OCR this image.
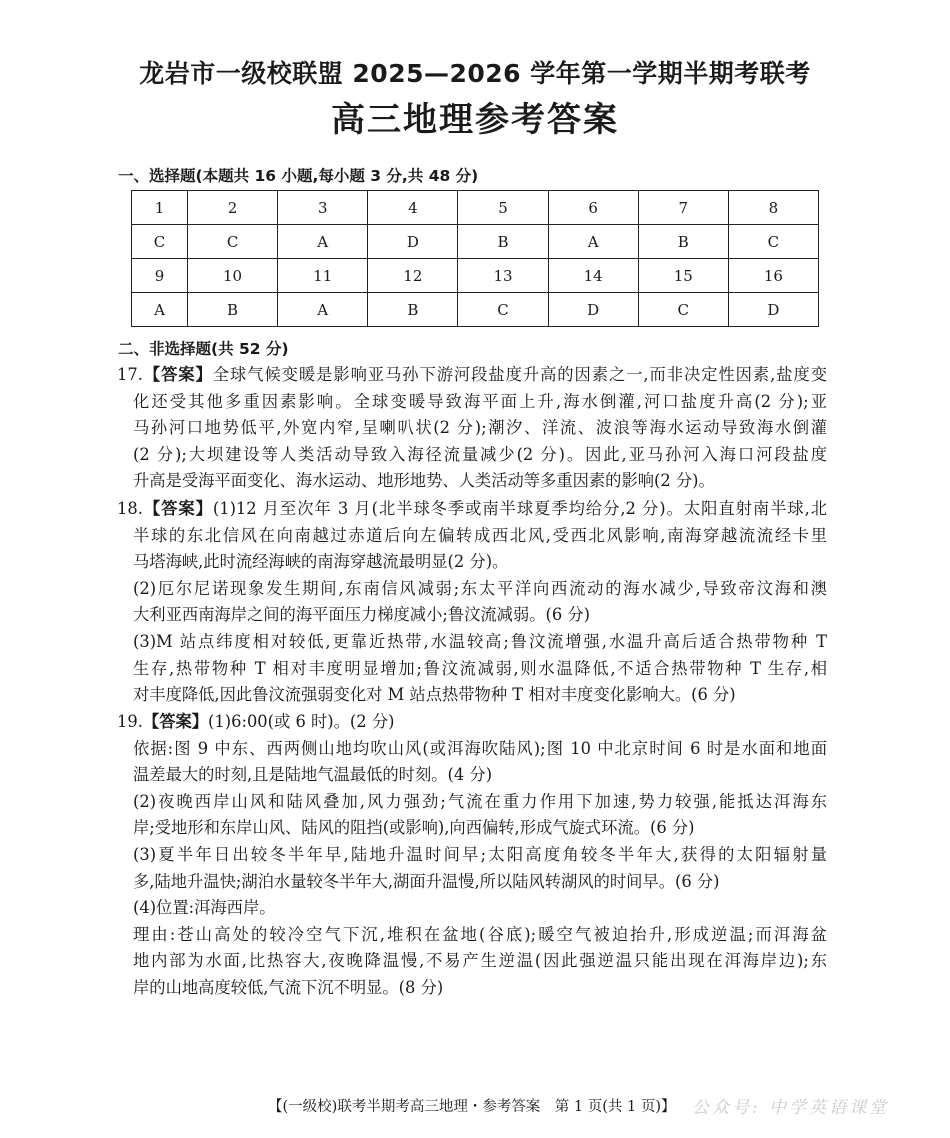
龙岩市一级校联盟 2025—2026 学年第一学期半期考联考
高三地理参考答案
一、选择题(本题共 16 小题,每小题 3 分,共 48 分)
1	2	3	4	5	6	7	8
C	C	A	D	B	A	B	C
9	10	11	12	13	14	15	16
A	B	A	B	C	D	C	D
二、非选择题(共 52 分)
17.【答案】全球气候变暖是影响亚马孙下游河段盐度升高的因素之一,而非决定性因素,盐度变
化还受其他多重因素影响。全球变暖导致海平面上升,海水倒灌,河口盐度升高(2 分);亚
马孙河口地势低平,外宽内窄,呈喇叭状(2 分);潮汐、洋流、波浪等海水运动导致海水倒灌
(2 分);大坝建设等人类活动导致入海径流量减少(2 分)。因此,亚马孙河入海口河段盐度
升高是受海平面变化、海水运动、地形地势、人类活动等多重因素的影响(2 分)。
18.【答案】(1)12 月至次年 3 月(北半球冬季或南半球夏季均给分,2 分)。太阳直射南半球,北
半球的东北信风在向南越过赤道后向左偏转成西北风,受西北风影响,南海穿越流流经卡里
马塔海峡,此时流经海峡的南海穿越流最明显(2 分)。
(2)厄尔尼诺现象发生期间,东南信风减弱;东太平洋向西流动的海水减少,导致帝汶海和澳
大利亚西南海岸之间的海平面压力梯度减小;鲁汶流减弱。(6 分)
(3)M 站点纬度相对较低,更靠近热带,水温较高;鲁汶流增强,水温升高后适合热带物种 T
生存,热带物种 T 相对丰度明显增加;鲁汶流减弱,则水温降低,不适合热带物种 T 生存,相
对丰度降低,因此鲁汶流强弱变化对 M 站点热带物种 T 相对丰度变化影响大。(6 分)
19.【答案】(1)6:00(或 6 时)。(2 分)
依据:图 9 中东、西两侧山地均吹山风(或洱海吹陆风);图 10 中北京时间 6 时是水面和地面
温差最大的时刻,且是陆地气温最低的时刻。(4 分)
(2)夜晚西岸山风和陆风叠加,风力强劲;气流在重力作用下加速,势力较强,能抵达洱海东
岸;受地形和东岸山风、陆风的阻挡(或影响),向西偏转,形成气旋式环流。(6 分)
(3)夏半年日出较冬半年早,陆地升温时间早;太阳高度角较冬半年大,获得的太阳辐射量
多,陆地升温快;湖泊水量较冬半年大,湖面升温慢,所以陆风转湖风的时间早。(6 分)
(4)位置:洱海西岸。
理由:苍山高处的较冷空气下沉,堆积在盆地(谷底);暖空气被迫抬升,形成逆温;而洱海盆
地内部为水面,比热容大,夜晚降温慢,不易产生逆温(因此强逆温只能出现在洱海岸边);东
岸的山地高度较低,气流下沉不明显。(8 分)
【(一级校)联考半期考高三地理・参考答案　第 1 页(共 1 页)】 公众号: 中学英语课堂
